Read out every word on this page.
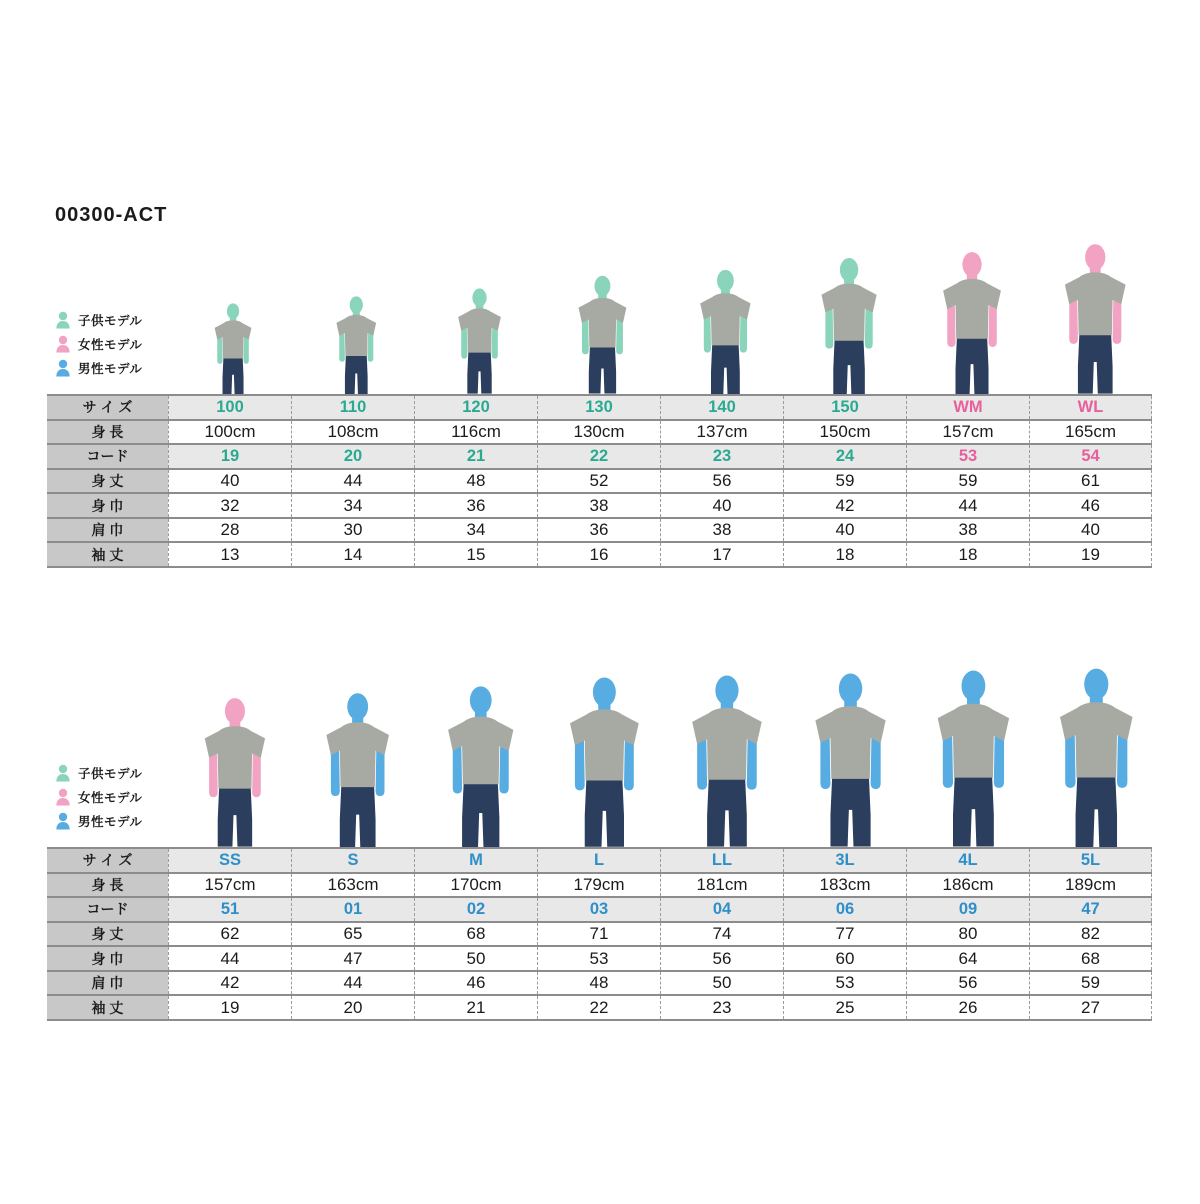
00300-ACT
子供モデル
女性モデル
男性モデル
子供モデル
女性モデル
男性モデル
サ イ ズ	100	110	120	130	140	150	WM	WL
身 長	100cm	108cm	116cm	130cm	137cm	150cm	157cm	165cm
コード	19	20	21	22	23	24	53	54
身 丈	40	44	48	52	56	59	59	61
身 巾	32	34	36	38	40	42	44	46
肩 巾	28	30	34	36	38	40	38	40
袖 丈	13	14	15	16	17	18	18	19
サ イ ズ	SS	S	M	L	LL	3L	4L	5L
身 長	157cm	163cm	170cm	179cm	181cm	183cm	186cm	189cm
コード	51	01	02	03	04	06	09	47
身 丈	62	65	68	71	74	77	80	82
身 巾	44	47	50	53	56	60	64	68
肩 巾	42	44	46	48	50	53	56	59
袖 丈	19	20	21	22	23	25	26	27
